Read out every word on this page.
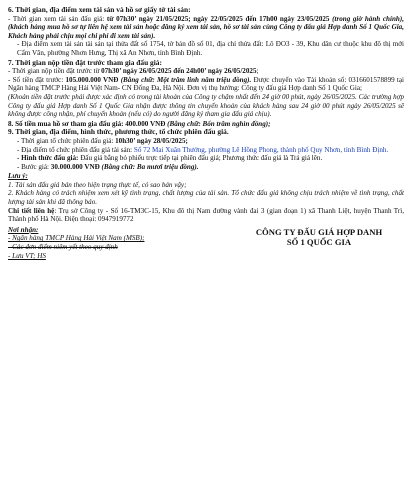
6. Thời gian, địa điểm xem tài sản và hồ sơ giấy tờ tài sản:

- Thời gian xem tài sản đấu giá: từ 07h30’ ngày 21/05/2025; ngày 22/05/2025 đến 17h00 ngày 23/05/2025 (trong giờ hành chính), (khách hàng mua hồ sơ tự liên hệ xem tài sản hoặc đăng ký xem tài sản, hồ sơ tài sản cùng Công ty đấu giá Hợp danh Số 1 Quốc Gia, Khách hàng phải chịu mọi chi phí đi xem tài sản).

- Địa điểm xem tài sản tài sản tại thửa đất số 1754, tờ bản đồ số 01, địa chỉ thửa đất: Lô ĐO3 - 39, Khu dân cư thuộc khu đô thị mới Cẩm Văn, phường Nhơn Hưng, Thị xã An Nhơn, tỉnh Bình Định.

7. Thời gian nộp tiền đặt trước tham gia đấu giá:

- Thời gian nộp tiền đặt trước từ 07h30’ ngày 26/05/2025 đến 24h00’ ngày 26/05/2025;

- Số tiền đặt trước: 105.000.000 VNĐ (Bằng chữ: Một trăm linh năm triệu đồng). Được chuyển vào Tài khoản số: 0316601578899 tại Ngân hàng TMCP Hàng Hải Việt Nam- CN Đống Đa, Hà Nội. Đơn vị thụ hưởng: Công ty đấu giá Hợp danh Số 1 Quốc Gia;

(Khoản tiền đặt trước phải được xác định có trong tài khoản của Công ty chậm nhất đến 24 giờ 00 phút, ngày 26/05/2025. Các trường hợp Công ty đấu giá Hợp danh Số 1 Quốc Gia nhận được thông tin chuyển khoản của khách hàng sau 24 giờ 00 phút ngày 26/05/2025 sẽ không được công nhận, phí chuyển khoản (nếu có) do người đăng ký tham gia đấu giá chịu).

8. Số tiền mua hồ sơ tham gia đấu giá: 400.000 VNĐ (Bằng chữ: Bốn trăm nghìn đồng);

9. Thời gian, địa điểm, hình thức, phương thức, tổ chức phiên đấu giá.

- Thời gian tổ chức phiên đấu giá: 10h30’ ngày 28/05/2025;

- Địa điểm tổ chức phiên đấu giá tài sản: Số 72 Mai Xuân Thưởng, phường Lê Hồng Phong, thành phố Quy Nhơn, tỉnh Bình Định.

- Hình thức đấu giá: Đấu giá bằng bỏ phiếu trực tiếp tại phiên đấu giá; Phương thức đấu giá là Trả giá lên.

- Bước giá: 30.000.000 VNĐ (Bằng chữ: Ba mươi triệu đồng).

Lưu ý:

1. Tài sản đấu giá bán theo hiện trạng thực tế, có sao bán vậy;

2. Khách hàng có trách nhiệm xem xét kỹ tình trạng, chất lượng của tài sản. Tổ chức đấu giá không chịu trách nhiệm về tình trạng, chất lượng tài sản khi đã thông báo.

Chi tiết liên hệ: Trụ sở Công ty - Số 16-TM3C-15, Khu đô thị Nam đường vành đai 3 (gian đoạn 1) xã Thanh Liệt, huyện Thanh Trì, Thành phố Hà Nội. Điện thoại: 0947919772

Nơi nhận:

- Ngân hàng TMCP Hàng Hải Việt Nam (MSB);

- Các đơn điểm niêm yết theo quy định

- Lưu VT; HS

CÔNG TY ĐẤU GIÁ HỢP DANH

SỐ 1 QUỐC GIA
